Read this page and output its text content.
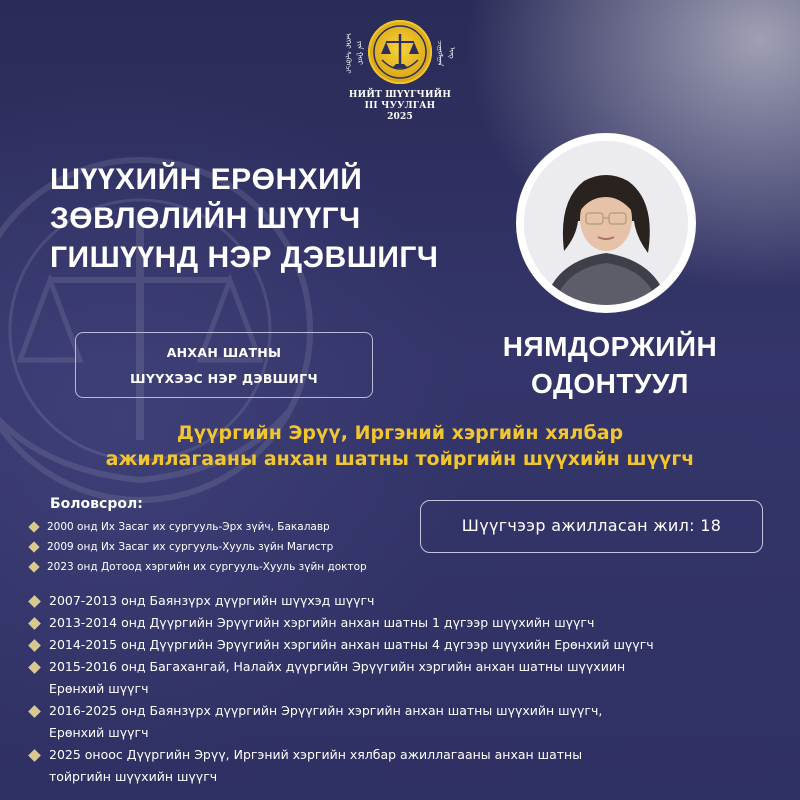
ᠡᠩᠭᠡᠷ ᠰᠢᠭᠦᠭᠴᠢ ᠶᠢᠨ ᠭᠤᠷ	ᠴᠢᠭᠤᠯᠭᠠᠨ ᠢᠩ
НИЙТ ШҮҮГЧИЙН
III ЧУУЛГАН
2025
ШҮҮХИЙН ЕРӨНХИЙ
ЗӨВЛӨЛИЙН ШҮҮГЧ
ГИШҮҮНД НЭР ДЭВШИГЧ
АНХАН ШАТНЫ
ШҮҮХЭЭС НЭР ДЭВШИГЧ
НЯМДОРЖИЙН
ОДОНТУУЛ
Дүүргийн Эрүү, Иргэний хэргийн хялбар
ажиллагааны анхан шатны тойргийн шүүхийн шүүгч
Боловсрол:
2000 онд Их Засаг их сургууль-Эрх зүйч, Бакалавр
2009 онд Их Засаг их сургууль-Хууль зүйн Магистр
2023 онд Дотоод хэргийн их сургууль-Хууль зүйн доктор
Шүүгчээр ажилласан жил: 18
2007-2013 онд Баянзүрх дүүргийн шүүхэд шүүгч
2013-2014 онд Дүүргийн Эрүүгийн хэргийн анхан шатны 1 дүгээр шүүхийн шүүгч
2014-2015 онд Дүүргийн Эрүүгийн хэргийн анхан шатны 4 дүгээр шүүхийн Ерөнхий шүүгч
2015-2016 онд Багахангай, Налайх дүүргийн Эрүүгийн хэргийн анхан шатны шүүхиин
Ерөнхий шүүгч
2016-2025 онд Баянзүрх дүүргийн Эрүүгийн хэргийн анхан шатны шүүхийн шүүгч,
Ерөнхий шүүгч
2025 оноос Дүүргийн Эрүү, Иргэний хэргийн хялбар ажиллагааны анхан шатны
тойргийн шүүхийн шүүгч
